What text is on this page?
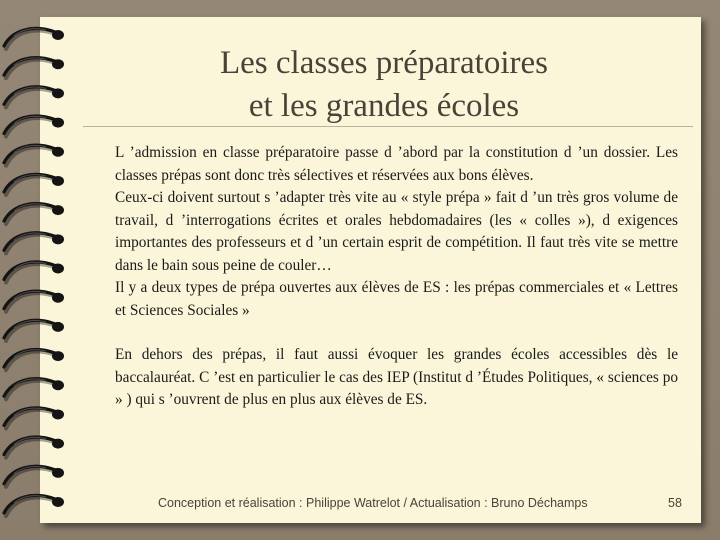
Les classes préparatoires
et les grandes écoles

L ’admission en classe préparatoire passe d ’abord par la constitution d ’un dossier. Les classes prépas sont donc très sélectives et réservées aux bons élèves.

Ceux-ci doivent surtout s ’adapter très vite au « style prépa » fait d ’un très gros volume de travail, d ’interrogations écrites et orales hebdomadaires (les « colles »), d exigences importantes des professeurs et d ’un certain esprit de compétition. Il faut très vite se mettre dans le bain sous peine de couler…

Il y a deux types de prépa ouvertes aux élèves de ES : les prépas commerciales et « Lettres et Sciences Sociales »

En dehors des prépas, il faut aussi évoquer les grandes écoles accessibles dès le baccalauréat. C ’est en particulier le cas des IEP (Institut d ’Études Politiques, « sciences po » ) qui s ’ouvrent de plus en plus aux élèves de ES.

Conception et réalisation : Philippe Watrelot / Actualisation : Bruno Déchamps	58
